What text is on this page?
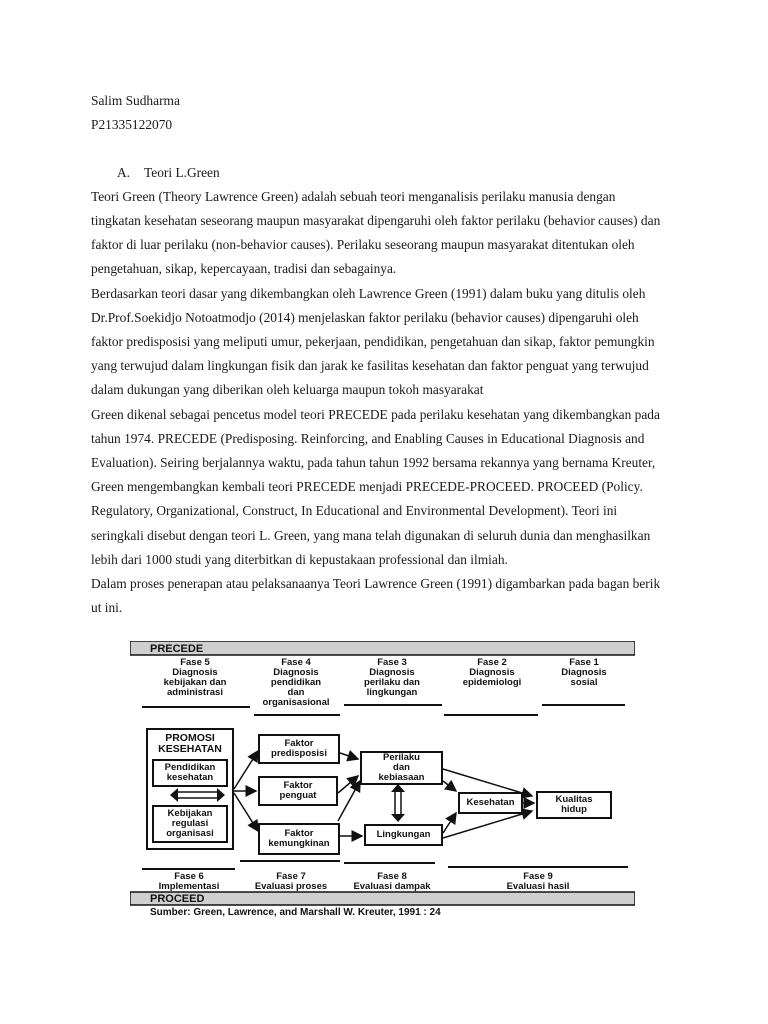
Salim Sudharma
P21335122070
A. Teori L.Green
Teori Green (Theory Lawrence Green) adalah sebuah teori menganalisis perilaku manusia dengan
tingkatan kesehatan seseorang maupun masyarakat dipengaruhi oleh faktor perilaku (behavior causes) dan
faktor di luar perilaku (non-behavior causes). Perilaku seseorang maupun masyarakat ditentukan oleh
pengetahuan, sikap, kepercayaan, tradisi dan sebagainya.
Berdasarkan teori dasar yang dikembangkan oleh Lawrence Green (1991) dalam buku yang ditulis oleh
Dr.Prof.Soekidjo Notoatmodjo (2014) menjelaskan faktor perilaku (behavior causes) dipengaruhi oleh
faktor predisposisi yang meliputi umur, pekerjaan, pendidikan, pengetahuan dan sikap, faktor pemungkin
yang terwujud dalam lingkungan fisik dan jarak ke fasilitas kesehatan dan faktor penguat yang terwujud
dalam dukungan yang diberikan oleh keluarga maupun tokoh masyarakat
Green dikenal sebagai pencetus model teori PRECEDE pada perilaku kesehatan yang dikembangkan pada
tahun 1974. PRECEDE (Predisposing. Reinforcing, and Enabling Causes in Educational Diagnosis and
Evaluation). Seiring berjalannya waktu, pada tahun tahun 1992 bersama rekannya yang bernama Kreuter,
Green mengembangkan kembali teori PRECEDE menjadi PRECEDE-PROCEED. PROCEED (Policy.
Regulatory, Organizational, Construct, In Educational and Environmental Development). Teori ini
seringkali disebut dengan teori L. Green, yang mana telah digunakan di seluruh dunia dan menghasilkan
lebih dari 1000 studi yang diterbitkan di kepustakaan professional dan ilmiah.
Dalam proses penerapan atau pelaksanaanya Teori Lawrence Green (1991) digambarkan pada bagan berik
ut ini.
PRECEDE
Fase 5
Diagnosis
kebijakan dan
administrasi
Fase 4
Diagnosis
pendidikan
dan
organisasional
Fase 3
Diagnosis
perilaku dan
lingkungan
Fase 2
Diagnosis
epidemiologi
Fase 1
Diagnosis
sosial
PROMOSI
KESEHATAN
Pendidikan
kesehatan
Kebijakan
regulasi
organisasi
Faktor
predisposisi
Faktor
penguat
Faktor
kemungkinan
Perilaku
dan
kebiasaan
Lingkungan
Kesehatan	Kualitas
hidup
Fase 6
Implementasi
Fase 7
Evaluasi proses
Fase 8
Evaluasi dampak
Fase 9
Evaluasi hasil
PROCEED
Sumber: Green, Lawrence, and Marshall W. Kreuter, 1991 : 24
